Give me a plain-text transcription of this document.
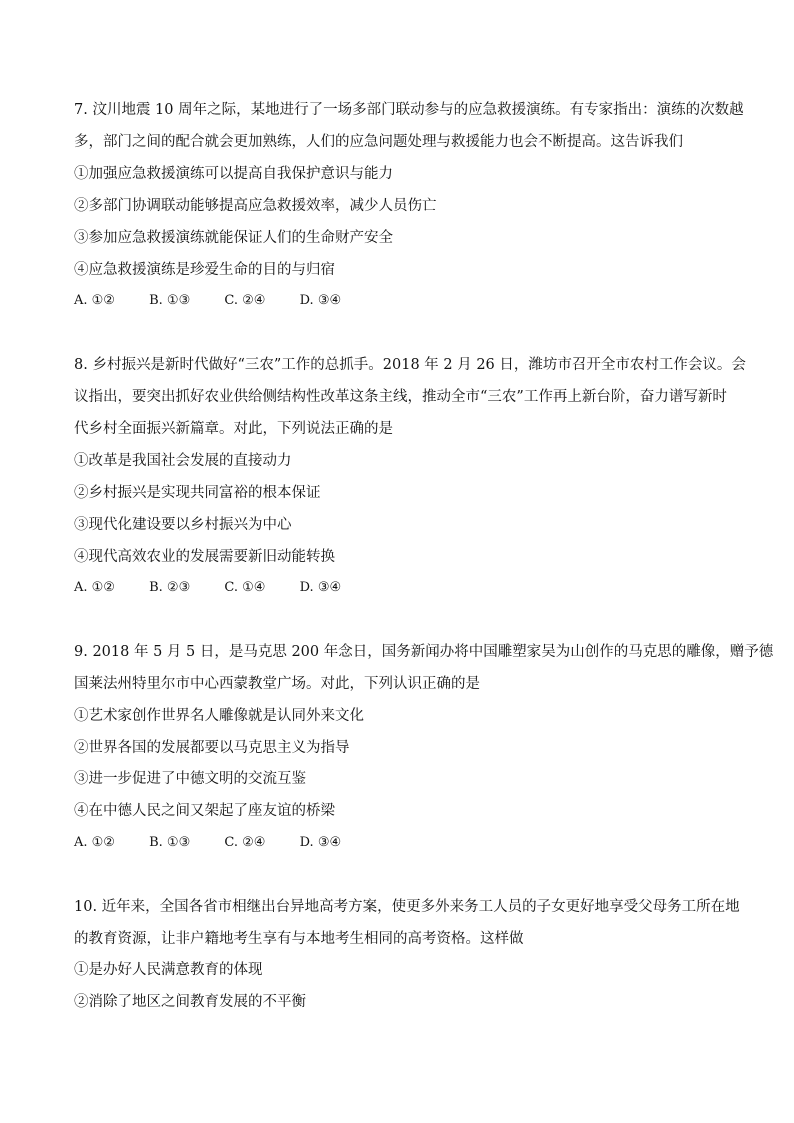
7. 汶川地震 10 周年之际，某地进行了一场多部门联动参与的应急救援演练。有专家指出：演练的次数越
多，部门之间的配合就会更加熟练，人们的应急问题处理与救援能力也会不断提高。这告诉我们
①加强应急救援演练可以提高自我保护意识与能力
②多部门协调联动能够提高应急救援效率，减少人员伤亡
③参加应急救援演练就能保证人们的生命财产安全
④应急救援演练是珍爱生命的目的与归宿
A. ①②	B. ①③	C. ②④	D. ③④
8. 乡村振兴是新时代做好“三农”工作的总抓手。2018 年 2 月 26 日，潍坊市召开全市农村工作会议。会
议指出，要突出抓好农业供给侧结构性改革这条主线，推动全市“三农”工作再上新台阶，奋力谱写新时
代乡村全面振兴新篇章。对此，下列说法正确的是
①改革是我国社会发展的直接动力
②乡村振兴是实现共同富裕的根本保证
③现代化建设要以乡村振兴为中心
④现代高效农业的发展需要新旧动能转换
A. ①②	B. ②③	C. ①④	D. ③④
9. 2018 年 5 月 5 日，是马克思 200 年念日，国务新闻办将中国雕塑家吴为山创作的马克思的雕像，赠予德
国莱法州特里尔市中心西蒙教堂广场。对此，下列认识正确的是
①艺术家创作世界名人雕像就是认同外来文化
②世界各国的发展都要以马克思主义为指导
③进一步促进了中德文明的交流互鉴
④在中德人民之间又架起了座友谊的桥梁
A. ①②	B. ①③	C. ②④	D. ③④
10. 近年来，全国各省市相继出台异地高考方案，使更多外来务工人员的子女更好地享受父母务工所在地
的教育资源，让非户籍地考生享有与本地考生相同的高考资格。这样做
①是办好人民满意教育的体现
②消除了地区之间教育发展的不平衡
